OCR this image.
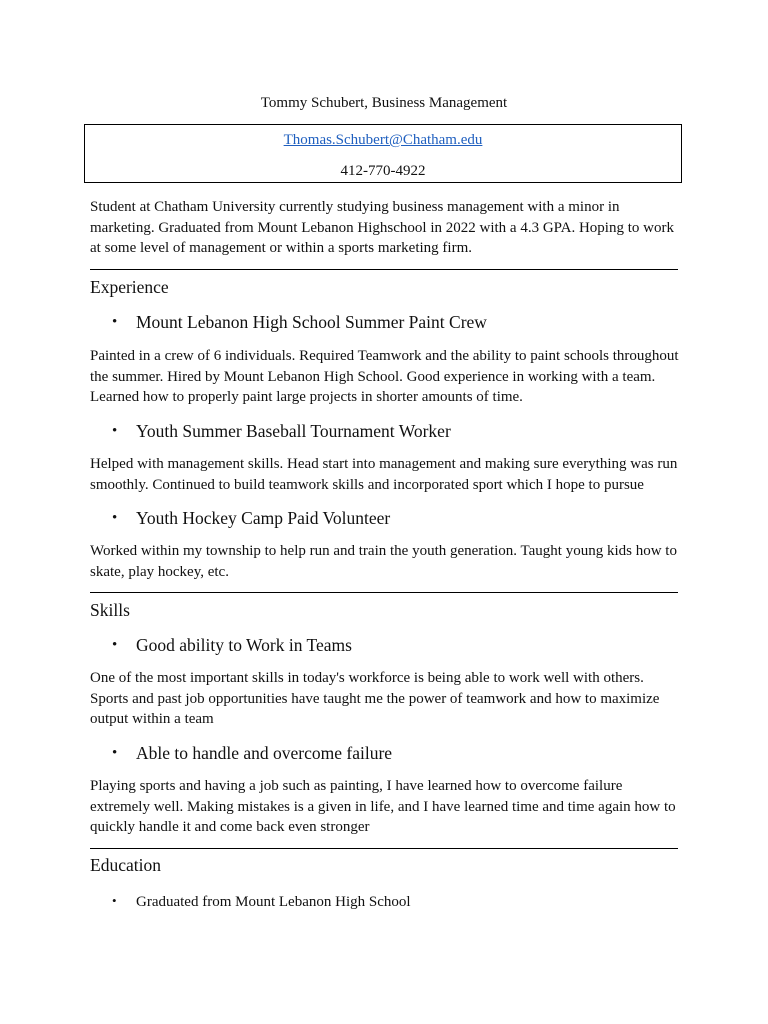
Tommy Schubert, Business Management
Thomas.Schubert@Chatham.edu
412-770-4922
Student at Chatham University currently studying business management with a minor in marketing. Graduated from Mount Lebanon Highschool in 2022 with a 4.3 GPA. Hoping to work at some level of management or within a sports marketing firm.
Experience
• Mount Lebanon High School Summer Paint Crew
Painted in a crew of 6 individuals. Required Teamwork and the ability to paint schools throughout the summer. Hired by Mount Lebanon High School. Good experience in working with a team. Learned how to properly paint large projects in shorter amounts of time.
• Youth Summer Baseball Tournament Worker
Helped with management skills. Head start into management and making sure everything was run smoothly. Continued to build teamwork skills and incorporated sport which I hope to pursue
• Youth Hockey Camp Paid Volunteer
Worked within my township to help run and train the youth generation. Taught young kids how to skate, play hockey, etc.
Skills
• Good ability to Work in Teams
One of the most important skills in today's workforce is being able to work well with others. Sports and past job opportunities have taught me the power of teamwork and how to maximize output within a team
• Able to handle and overcome failure
Playing sports and having a job such as painting, I have learned how to overcome failure extremely well. Making mistakes is a given in life, and I have learned time and time again how to quickly handle it and come back even stronger
Education
• Graduated from Mount Lebanon High School
